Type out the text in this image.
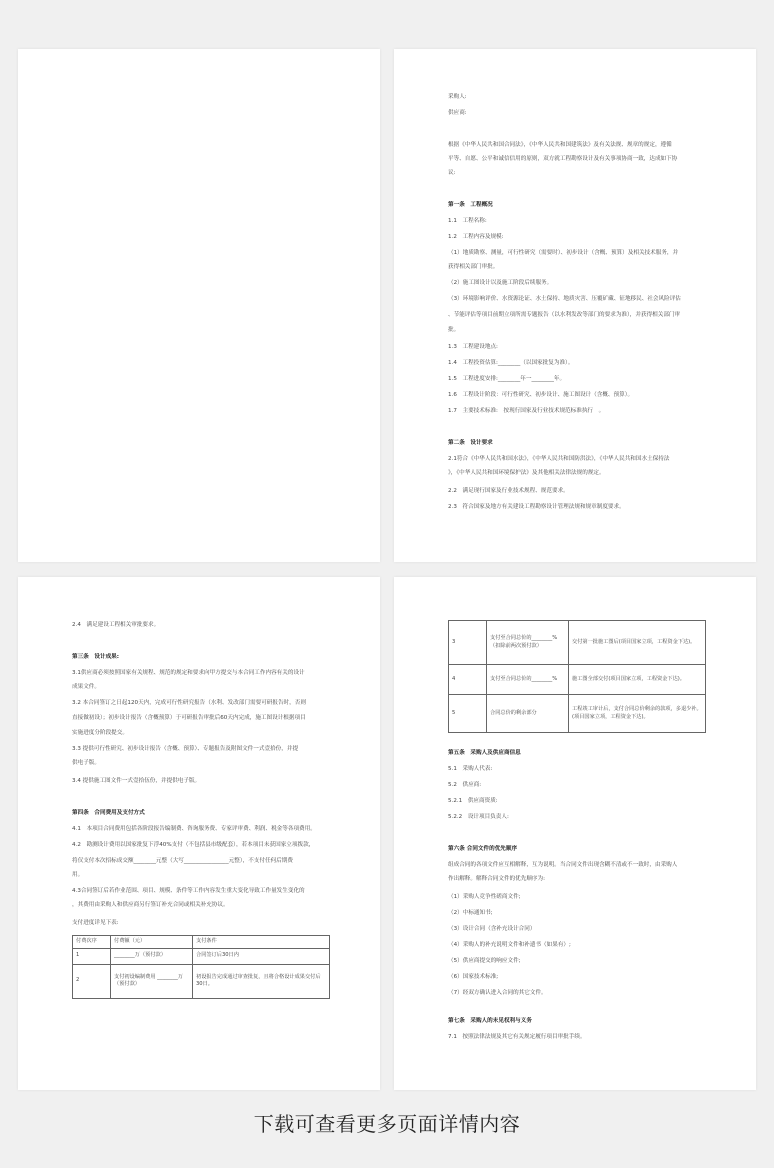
采购人:
供应商:
根据《中华人民共和国合同法》，《中华人民共和国建筑法》及有关法规、规章的规定，遵循
平等、自愿、公平和诚信信用的原则，双方就工程勘察设计及有关事项协商一致，达成如下协
议:
第一条　工程概况
1.1　工程名称:
1.2　工程内容及规模:
（1）地质勘察、测量，可行性研究（需要时）、初步设计（含概、预算）及相关技术服务，并
获得相关部门审批。
（2）施工图设计以及施工阶段后续服务。
（3）环境影响评价、水资源论证、水土保持、地质灾害、压覆矿藏、征地移民、社会风险评估
、节能评估等项目前期立项所需专题报告（以水利发改等部门的要求为准），并获得相关部门审
批。
1.3　工程建设地点:
1.4　工程投资估算:________（以国家批复为准）。
1.5　工程进度安排:________年一________年。
1.6　工程设计阶段：可行性研究、初步设计、施工图设计（含概、预算）。
1.7　主要技术标准:　按现行国家及行业技术规范标准执行　。
第二条　设计要求
2.1符合《中华人民共和国水法》，《中华人民共和国防洪法》，《中华人民共和国水土保持法
》，《中华人民共和国环境保护法》及其他相关法律法规的规定。
2.2　满足现行国家及行业技术规程、规范要求。
2.3　符合国家及地方有关建设工程勘察设计管理法规和规章制度要求。
2.4　满足建设工程相关审批要求。
第三条　设计成果:
3.1供应商必须按照国家有关规程、规范的规定和要求向甲方提交与本合同工作内容有关的设计
成果文件。
3.2 本合同签订之日起120天内，完成可行性研究报告（水利、发改部门需要可研报告时，否则
直接做初设）；初步设计报告（含概预算）于可研报告审批后60天内完成，施工图设计根据项目
实施进度分阶段提交。
3.3 提供可行性研究、初步设计报告（含概、预算）、专题报告及附图文件一式壹拾份，并提
供电子版。
3.4 提供施工图文件一式壹拾伍份，并提供电子版。
第四条　合同费用及支付方式
4.1　本项目合同费用包括各阶段报告编制费、咨询服务费、专家评审费、利润、税金等各项费用。
4.2　勘测设计费用以国家批复下浮40%支付（不包括县市级配套），若本项目未获国家立项拨款，
将仅支付本次招标成交额________元整（大写________________元整），不支付任何后期费
用。
4.3合同签订后若作业范围、项目、规模、条件等工作内容发生重大变化导致工作量发生变化的
，其费用由采购人和供应商另行签订补充合同或相关补充协议。
支付进度详见下表:
付费次序	付费额（元）	支付条件
1	________万（预付款）	合同签订后30日内
2	支付初设编制费用 ________万（预付款）	初设报告完成通过审查批复，且将合格设计成果交付后30日。
3	支付至合同总价的________%（扣除前两次预付款）	交付第一批施工图后(项目国家立项，工程资金下达)。
4	支付至合同总价的________%	施工图全部交付(项目国家立项，工程资金下达)。
5	合同总价的剩余部分	工程竣工审计后，支付合同总价剩余的款项，多退少补。(项目国家立项，工程资金下达)。
第五条　采购人及供应商信息
5.1　采购人代表:
5.2　供应商:
5.2.1　供应商资质:
5.2.2　设计项目负责人:
第六条 合同文件的优先顺序
组成合同的各项文件应互相解释，互为说明。当合同文件出现含糊不清或不一致时，由采购人
作出解释。解释合同文件的优先顺序为:
（1）采购人竞争性磋商文件;
（2）中标通知书;
（3）设计合同（含补充设计合同）
（4）采购人的补充说明文件和补遗书（如果有）;
（5）供应商提交的响应文件;
（6）国家技术标准;
（7）经双方确认进入合同的其它文件。
第七条　采购人的未见权利与义务
7.1　按照法律法规及其它有关规定履行项目审批手续。
下载可查看更多页面详情内容
